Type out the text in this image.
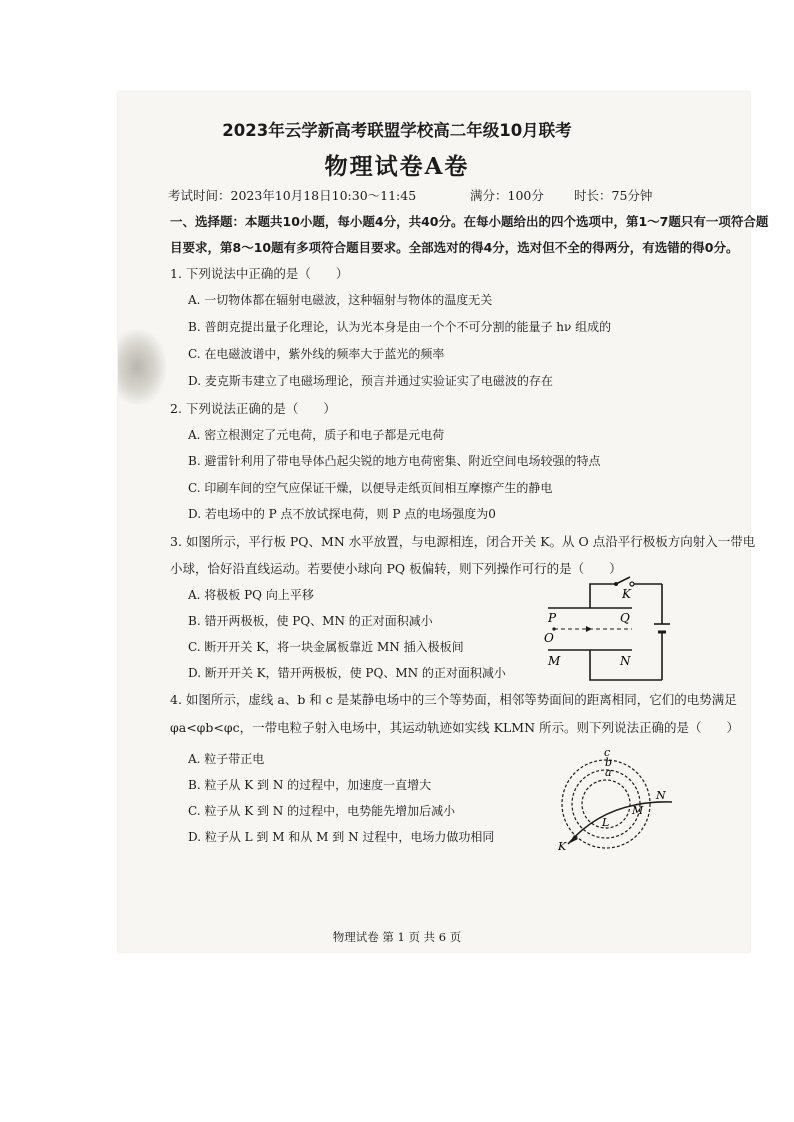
2023年云学新高考联盟学校高二年级10月联考
物理试卷A卷
考试时间：2023年10月18日10:30～11:45	满分：100分 时长：75分钟
一、选择题：本题共10小题，每小题4分，共40分。在每小题给出的四个选项中，第1～7题只有一项符合题
目要求，第8～10题有多项符合题目要求。全部选对的得4分，选对但不全的得两分，有选错的得0分。
1. 下列说法中正确的是（　　）
A. 一切物体都在辐射电磁波，这种辐射与物体的温度无关
B. 普朗克提出量子化理论，认为光本身是由一个个不可分割的能量子 hν 组成的
C. 在电磁波谱中，紫外线的频率大于蓝光的频率
D. 麦克斯韦建立了电磁场理论，预言并通过实验证实了电磁波的存在
2. 下列说法正确的是（　　）
A. 密立根测定了元电荷，质子和电子都是元电荷
B. 避雷针利用了带电导体凸起尖锐的地方电荷密集、附近空间电场较强的特点
C. 印刷车间的空气应保证干燥，以便导走纸页间相互摩擦产生的静电
D. 若电场中的 P 点不放试探电荷，则 P 点的电场强度为0
3. 如图所示，平行板 PQ、MN 水平放置，与电源相连，闭合开关 K。从 O 点沿平行极板方向射入一带电
小球，恰好沿直线运动。若要使小球向 PQ 板偏转，则下列操作可行的是（　　）
A. 将极板 PQ 向上平移
B. 错开两极板，使 PQ、MN 的正对面积减小
C. 断开开关 K，将一块金属板靠近 MN 插入极板间
D. 断开开关 K，错开两极板，使 PQ、MN 的正对面积减小
K
P	Q
O
M	N
4. 如图所示，虚线 a、b 和 c 是某静电场中的三个等势面，相邻等势面间的距离相同，它们的电势满足
φa<φb<φc，一带电粒子射入电场中，其运动轨迹如实线 KLMN 所示。则下列说法正确的是（　　）
A. 粒子带正电
B. 粒子从 K 到 N 的过程中，加速度一直增大
C. 粒子从 K 到 N 的过程中，电势能先增加后减小
D. 粒子从 L 到 M 和从 M 到 N 过程中，电场力做功相同
c
b
a
K
L
M
N
物理试卷 第 1 页 共 6 页
